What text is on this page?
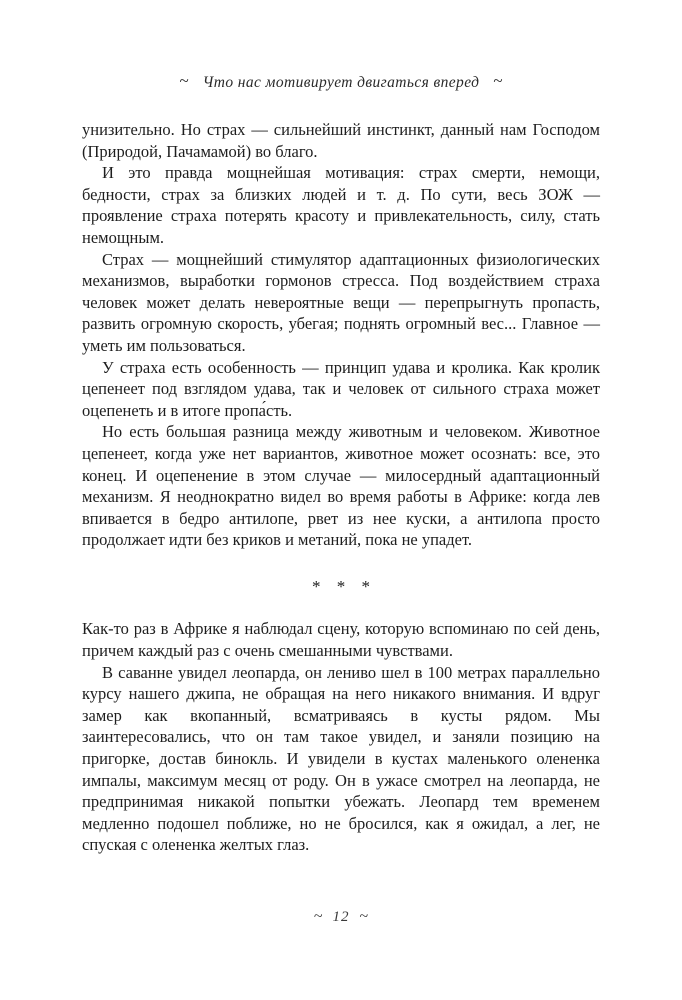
~ Что нас мотивирует двигаться вперед ~

унизительно. Но страх — сильнейший инстинкт, данный нам Господом (Природой, Пачамамой) во благо.

И это правда мощнейшая мотивация: страх смерти, немощи, бедности, страх за близких людей и т. д. По сути, весь ЗОЖ — проявление страха потерять красоту и привлекательность, силу, стать немощным.

Страх — мощнейший стимулятор адаптационных физиологических механизмов, выработки гормонов стресса. Под воздействием страха человек может делать невероятные вещи — перепрыгнуть пропасть, развить огромную скорость, убегая; поднять огромный вес... Главное — уметь им пользоваться.

У страха есть особенность — принцип удава и кролика. Как кролик цепенеет под взглядом удава, так и человек от сильного страха может оцепенеть и в итоге пропа́сть.

Но есть большая разница между животным и человеком. Животное цепенеет, когда уже нет вариантов, животное может осознать: все, это конец. И оцепенение в этом случае — милосердный адаптационный механизм. Я неоднократно видел во время работы в Африке: когда лев впивается в бедро антилопе, рвет из нее куски, а антилопа просто продолжает идти без криков и метаний, пока не упадет.

* * *

Как-то раз в Африке я наблюдал сцену, которую вспоминаю по сей день, причем каждый раз с очень смешанными чувствами.

В саванне увидел леопарда, он лениво шел в 100 метрах параллельно курсу нашего джипа, не обращая на него никакого внимания. И вдруг замер как вкопанный, всматриваясь в кусты рядом. Мы заинтересовались, что он там такое увидел, и заняли позицию на пригорке, достав бинокль. И увидели в кустах маленького олененка импалы, максимум месяц от роду. Он в ужасе смотрел на леопарда, не предпринимая никакой попытки убежать. Леопард тем временем медленно подошел поближе, но не бросился, как я ожидал, а лег, не спуская с олененка желтых глаз.

~ 12 ~
